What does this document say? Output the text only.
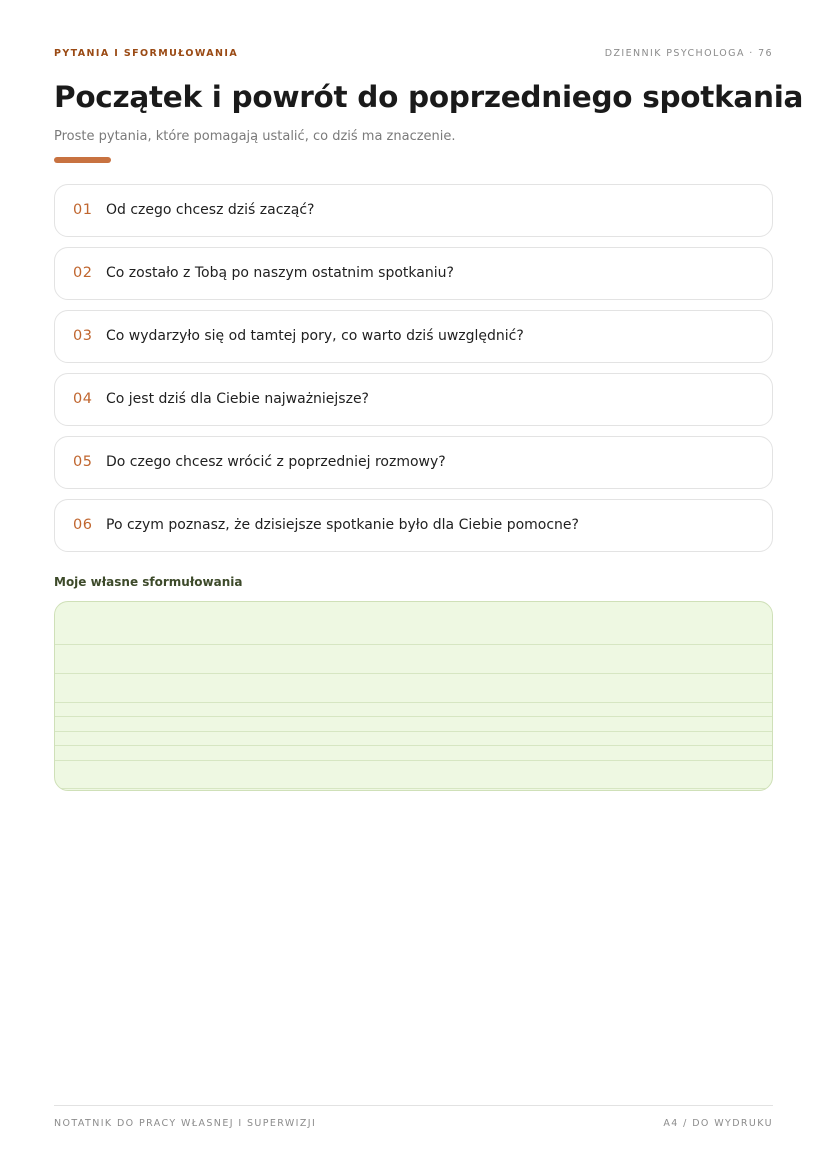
PYTANIA I SFORMUŁOWANIA	DZIENNIK PSYCHOLOGA · 76
Początek i powrót do poprzedniego spotkania
Proste pytania, które pomagają ustalić, co dziś ma znaczenie.
01 Od czego chcesz dziś zacząć?
02 Co zostało z Tobą po naszym ostatnim spotkaniu?
03 Co wydarzyło się od tamtej pory, co warto dziś uwzględnić?
04 Co jest dziś dla Ciebie najważniejsze?
05 Do czego chcesz wrócić z poprzedniej rozmowy?
06 Po czym poznasz, że dzisiejsze spotkanie było dla Ciebie pomocne?
Moje własne sformułowania
NOTATNIK DO PRACY WŁASNEJ I SUPERWIZJI	A4 / DO WYDRUKU
